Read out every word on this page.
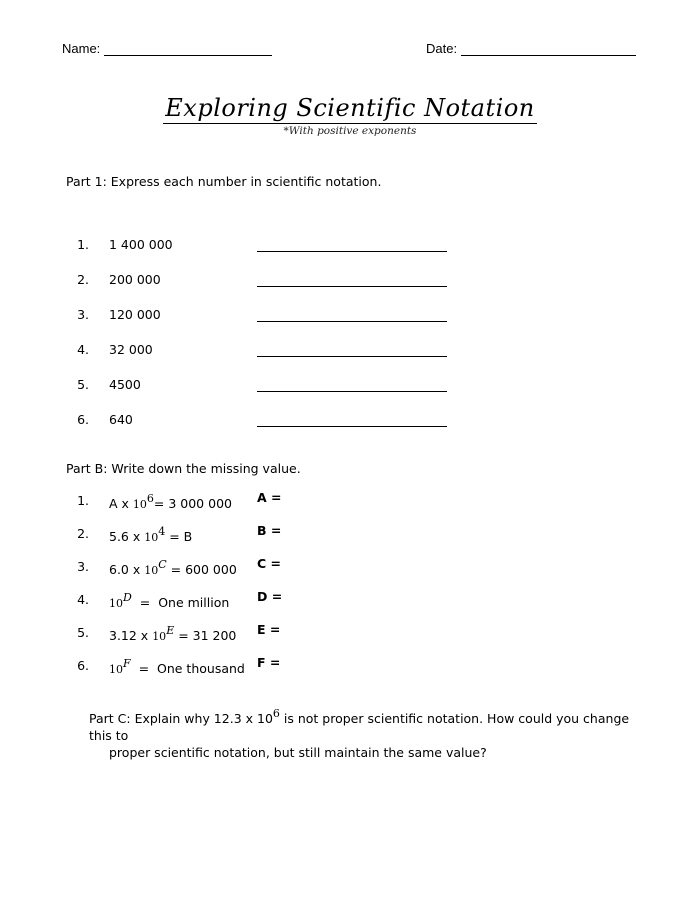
Name:	Date:
Exploring Scientific Notation
*With positive exponents
Part 1: Express each number in scientific notation.
1. 1 400 000
2. 200 000
3. 120 000
4. 32 000
5. 4500
6. 640
Part B: Write down the missing value.
1. A x $10^6= 3$ 000 000 A =
2. 5.6 x $10^4 = B$	B =
3. 6.0 x $10^C = 600$ 000 C =
4. $10^D$  =  One million D =
5. 3.12 x $10^E = 31$ 200 E =
6. $10^F$  =  One thousand F =
Part C: Explain why 12.3 x $10^6$ is not proper scientific notation. How could you change this to
proper scientific notation, but still maintain the same value?
